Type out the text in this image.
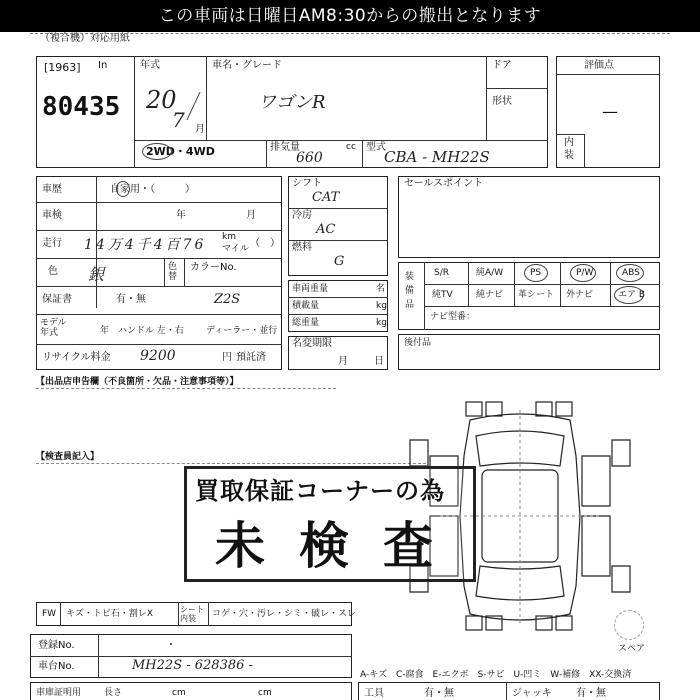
この車両は日曜日AM8:30からの搬出となります
（複合機）対応用紙
[1963] In
80435
年式
20
7 月
車名・グレード
ワゴンR
ドア
形状
2WD・4WD	排気量	cc
660
型式
CBA - MH22S
評価点
—
内装
車歴	自家用・（　　　）
車検	年	月
走行 14万4千4百76 km
マイル （　）
色 銀	色替
カラーNo.
保証書	有・無	Z2S
モデル年式	年 ハンドル 左・右 ディーラー・並行
リサイクル料金 9200	円 預託済
シフト
CAT
冷房
AC
燃料
G
車両重量	名
積載量	kg
総重量	kg
名変期限
月	日
セールスポイント
装備品
S/R	純A/W	PS	P/W	ABS
純TV	純ナビ 革シート 外ナビ	エア B
ナビ型番：
後付品
【出品店申告欄（不良箇所・欠品・注意事項等）】
【検査員記入】
スペア
買取保証コーナーの為
未検査
FW キズ・トビ石・割レX	シート内装	コゲ・穴・汚レ・シミ・破レ・スレ
登録No.	・
車台No.	MH22S - 628386 -
車庫証明用	長さ	cm	cm
A-キズ　C-腐食　E-エクボ　S-サビ　U-凹ミ　W-補修　XX-交換済
工具	有・無	ジャッキ 有・無
